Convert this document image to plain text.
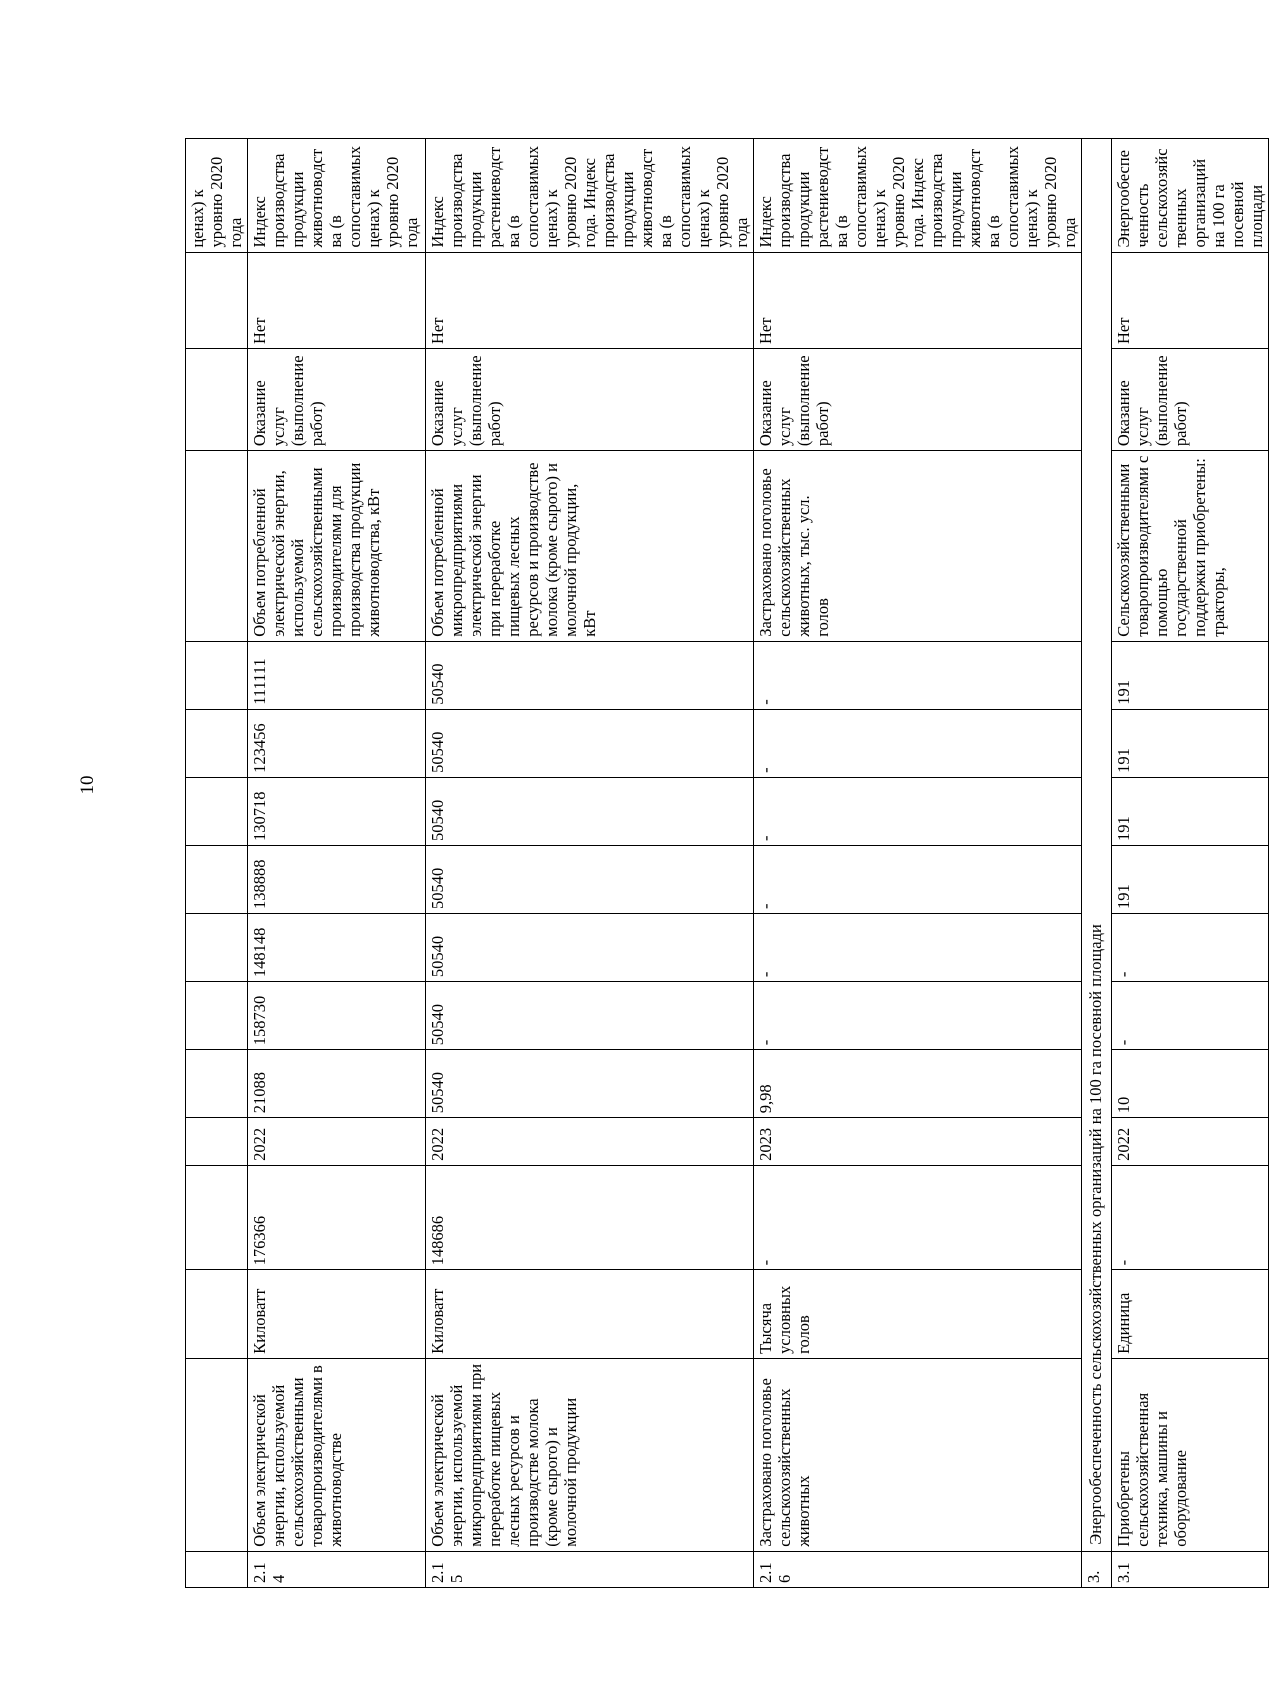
10
															ценах) к уровню 2020 года
2.14	Объем электрической энергии, используемой сельскохозяйственными товаропроизводителями в животноводстве	Киловатт	176366	2022	21088	158730	148148	138888	130718	123456	111111	Объем потребленной электрической энергии, используемой сельскохозяйственными производителями для производства продукции животноводства, кВт	Оказание услуг (выполнение работ)	Нет	Индекс производства продукции животноводства (в сопоставимых ценах) к уровню 2020 года
2.15	Объем электрической энергии, используемой микропредприятиями при переработке пищевых лесных ресурсов и производстве молока (кроме сырого) и молочной продукции	Киловатт	148686	2022	50540	50540	50540	50540	50540	50540	50540	Объем потребленной микропредприятиями электрической энергии при переработке пищевых лесных ресурсов и производстве молока (кроме сырого) и молочной продукции, кВт	Оказание услуг (выполнение работ)	Нет	Индекс производства продукции растениеводства (в сопоставимых ценах) к уровню 2020 года. Индекс производства продукции животноводства (в сопоставимых ценах) к уровню 2020 года
2.16	Застраховано поголовье сельскохозяйственных животных	Тысяча условных голов	-	2023	9,98	-	-	-	-	-	-	Застраховано поголовье сельскохозяйственных животных, тыс. усл. голов	Оказание услуг (выполнение работ)	Нет	Индекс производства продукции растениеводства (в сопоставимых ценах) к уровню 2020 года. Индекс производства продукции животноводства (в сопоставимых ценах) к уровню 2020 года
3.	Энергообеспеченность сельскохозяйственных организаций на 100 га посевной площади														
3.1	Приобретены сельскохозяйственная техника, машины и оборудование	Единица	-	2022	10	-	-	191	191	191	191	Сельскохозяйственными товаропроизводителями с помощью государственной поддержки приобретены: тракторы,	Оказание услуг (выполнение работ)	Нет	Энергообеспеченность сельскохозяйственных организаций на 100 га посевной площади
